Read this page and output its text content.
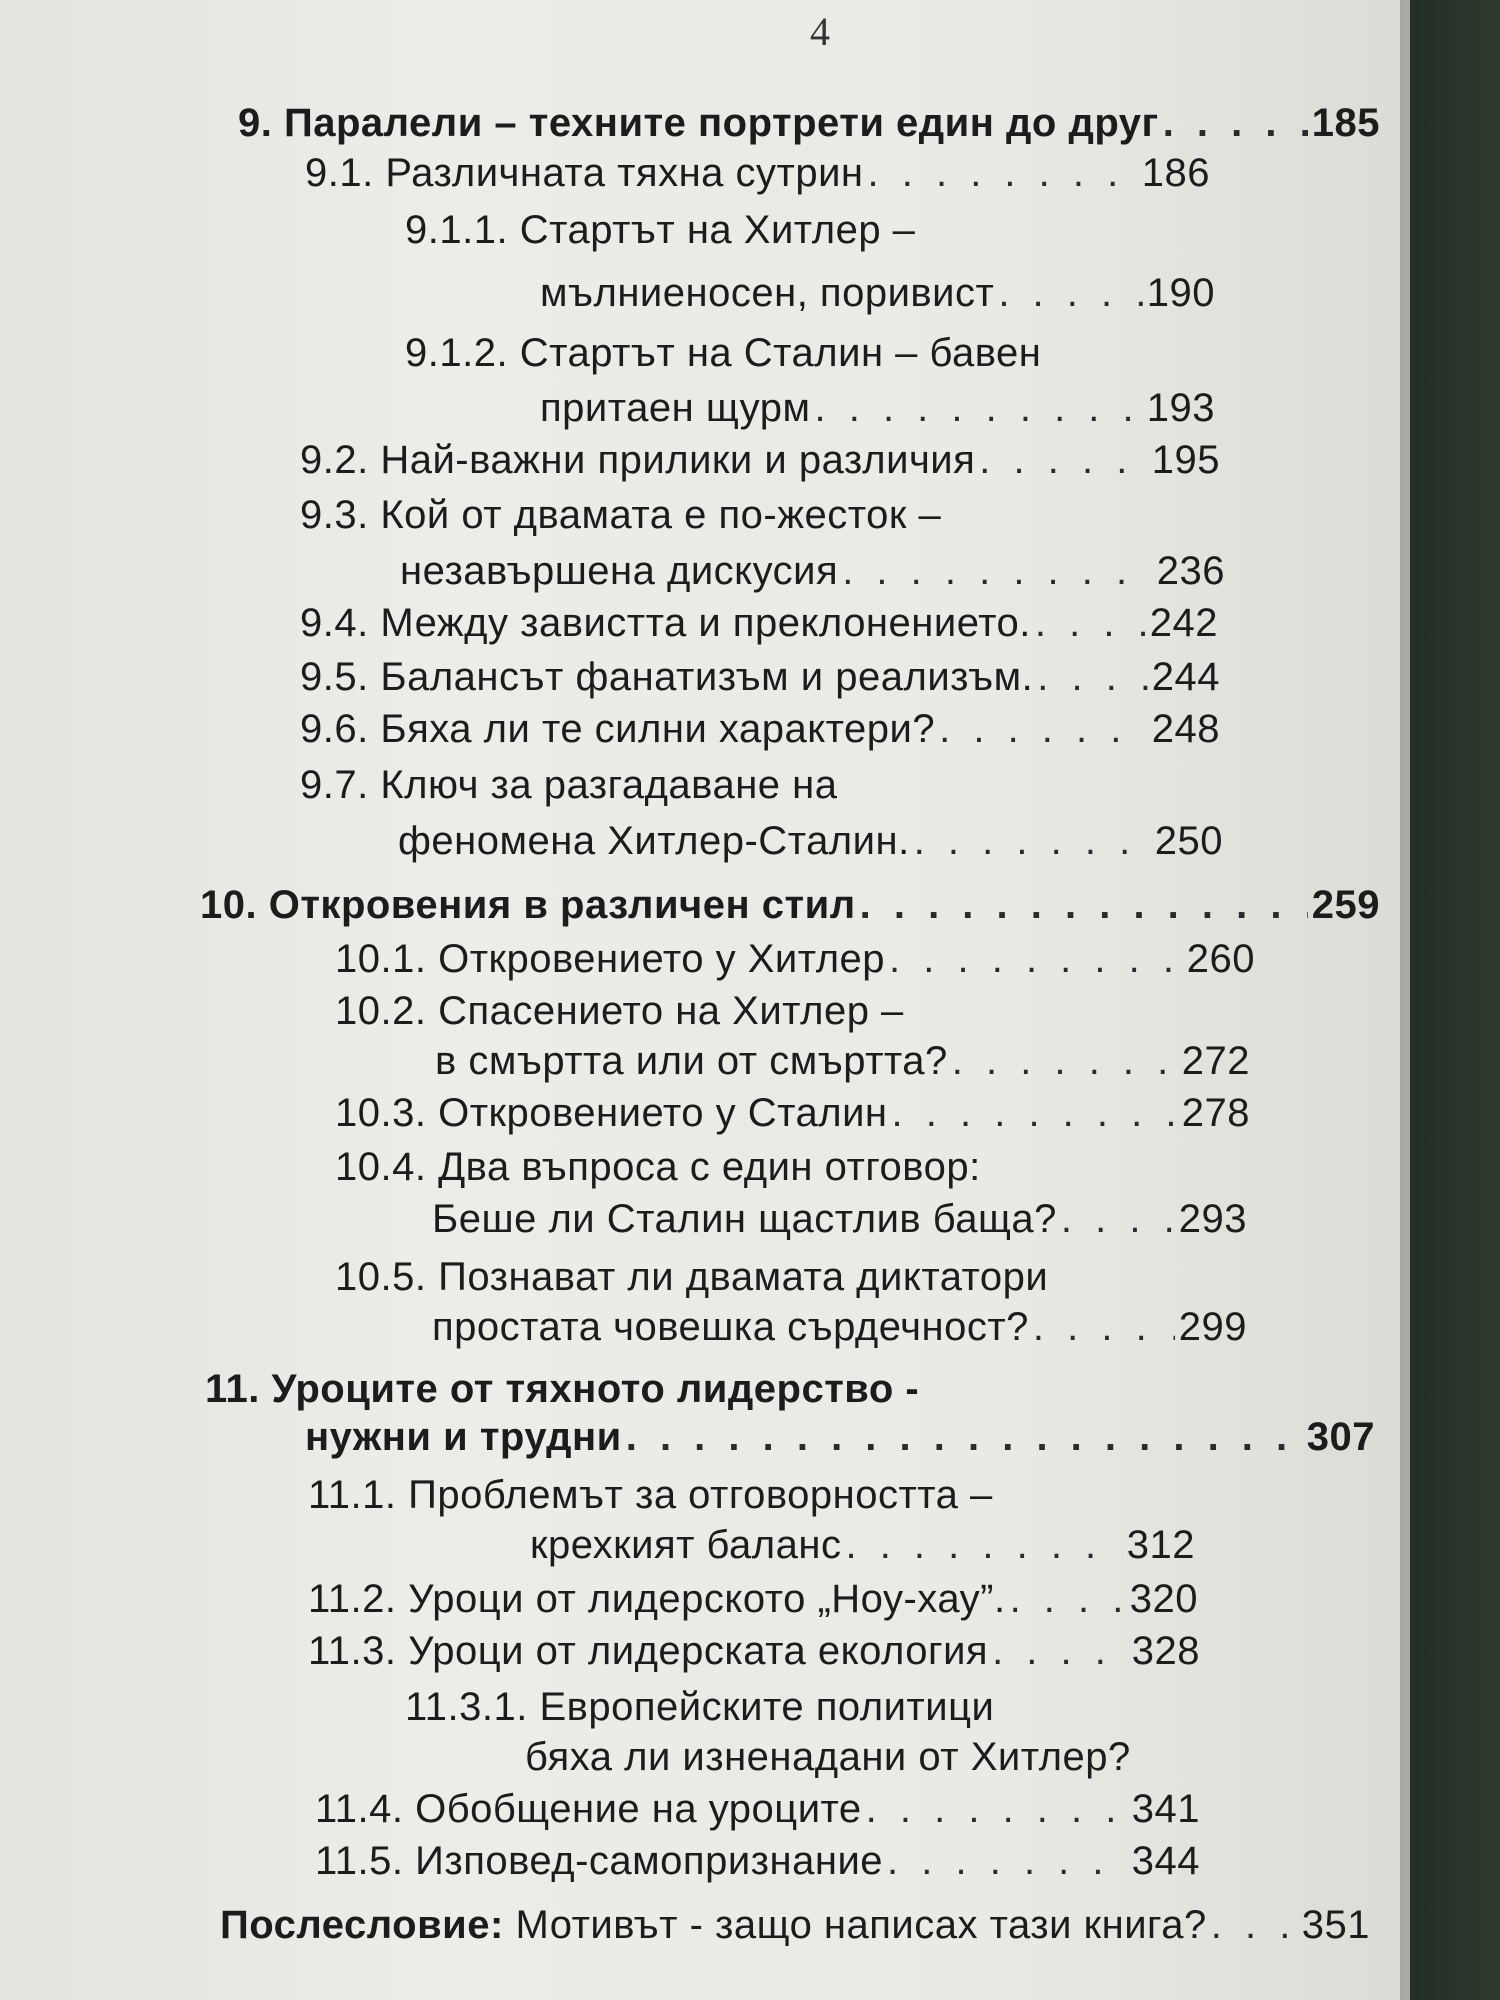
4
9. Паралели – техните портрети един до друг . . .	185
9.1. Различната тяхна сутрин . . .	186
9.1.1. Стартът на Хитлер –
мълниеносен, поривист . . .	190
9.1.2. Стартът на Сталин – бавен
притаен щурм . . .	193
9.2. Най-важни прилики и различия . . .	195
9.3. Кой от двамата е по-жесток –
незавършена дискусия . . .	236
9.4. Между завистта и преклонението. . . .	242
9.5. Балансът фанатизъм и реализъм. . . .	244
9.6. Бяха ли те силни характери? . . .	248
9.7. Ключ за разгадаване на
феномена Хитлер-Сталин. . . .	250
10. Откровения в различен стил . . .	259
10.1. Откровението у Хитлер . . .	260
10.2. Спасението на Хитлер –
в смъртта или от смъртта? . . .	272
10.3. Откровението у Сталин . . .	278
10.4. Два въпроса с един отговор:
Беше ли Сталин щастлив баща? . . .	293
10.5. Познават ли двамата диктатори
простата човешка сърдечност? . . .	299
11. Уроците от тяхното лидерство -
нужни и трудни . . .	307
11.1. Проблемът за отговорността –
крехкият баланс . . .	312
11.2. Уроци от лидерското „Ноу-хау”. . . .	320
11.3. Уроци от лидерската екология . . .	328
11.3.1. Европейските политици
бяха ли изненадани от Хитлер?
11.4. Обобщение на уроците . . .	341
11.5. Изповед-самопризнание . . .	344
Послесловие: Мотивът - защо написах тази книга? . . . 351
